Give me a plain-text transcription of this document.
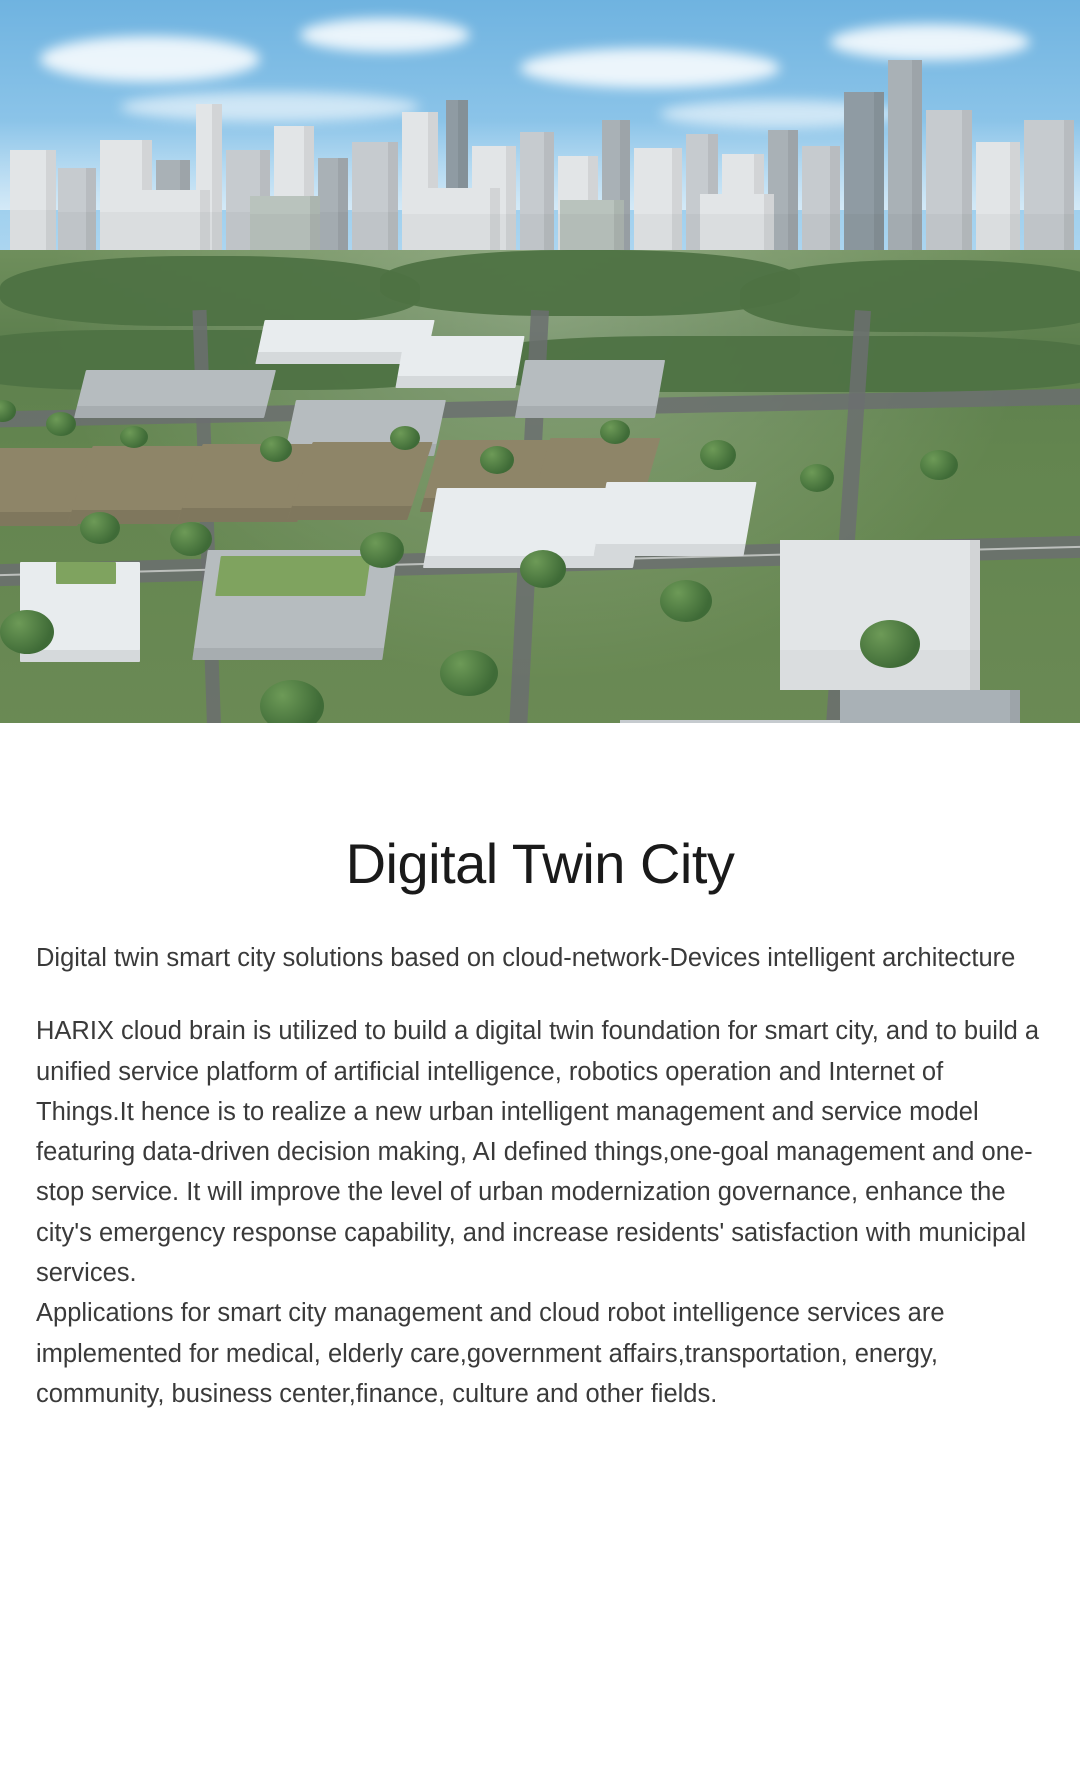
Digital Twin City

Digital twin smart city solutions based on cloud-network-Devices intelligent architecture

HARIX cloud brain is utilized to build a digital twin foundation for smart city, and to build a unified service platform of artificial intelligence, robotics operation and Internet of Things.It hence is to realize a new urban intelligent management and service model featuring data-driven decision making, AI defined things,one-goal management and one-stop service. It will improve the level of urban modernization governance, enhance the city's emergency response capability, and increase residents' satisfaction with municipal services.

Applications for smart city management and cloud robot intelligence services are implemented for medical, elderly care,government affairs,transportation, energy, community, business center,finance, culture and other fields.
